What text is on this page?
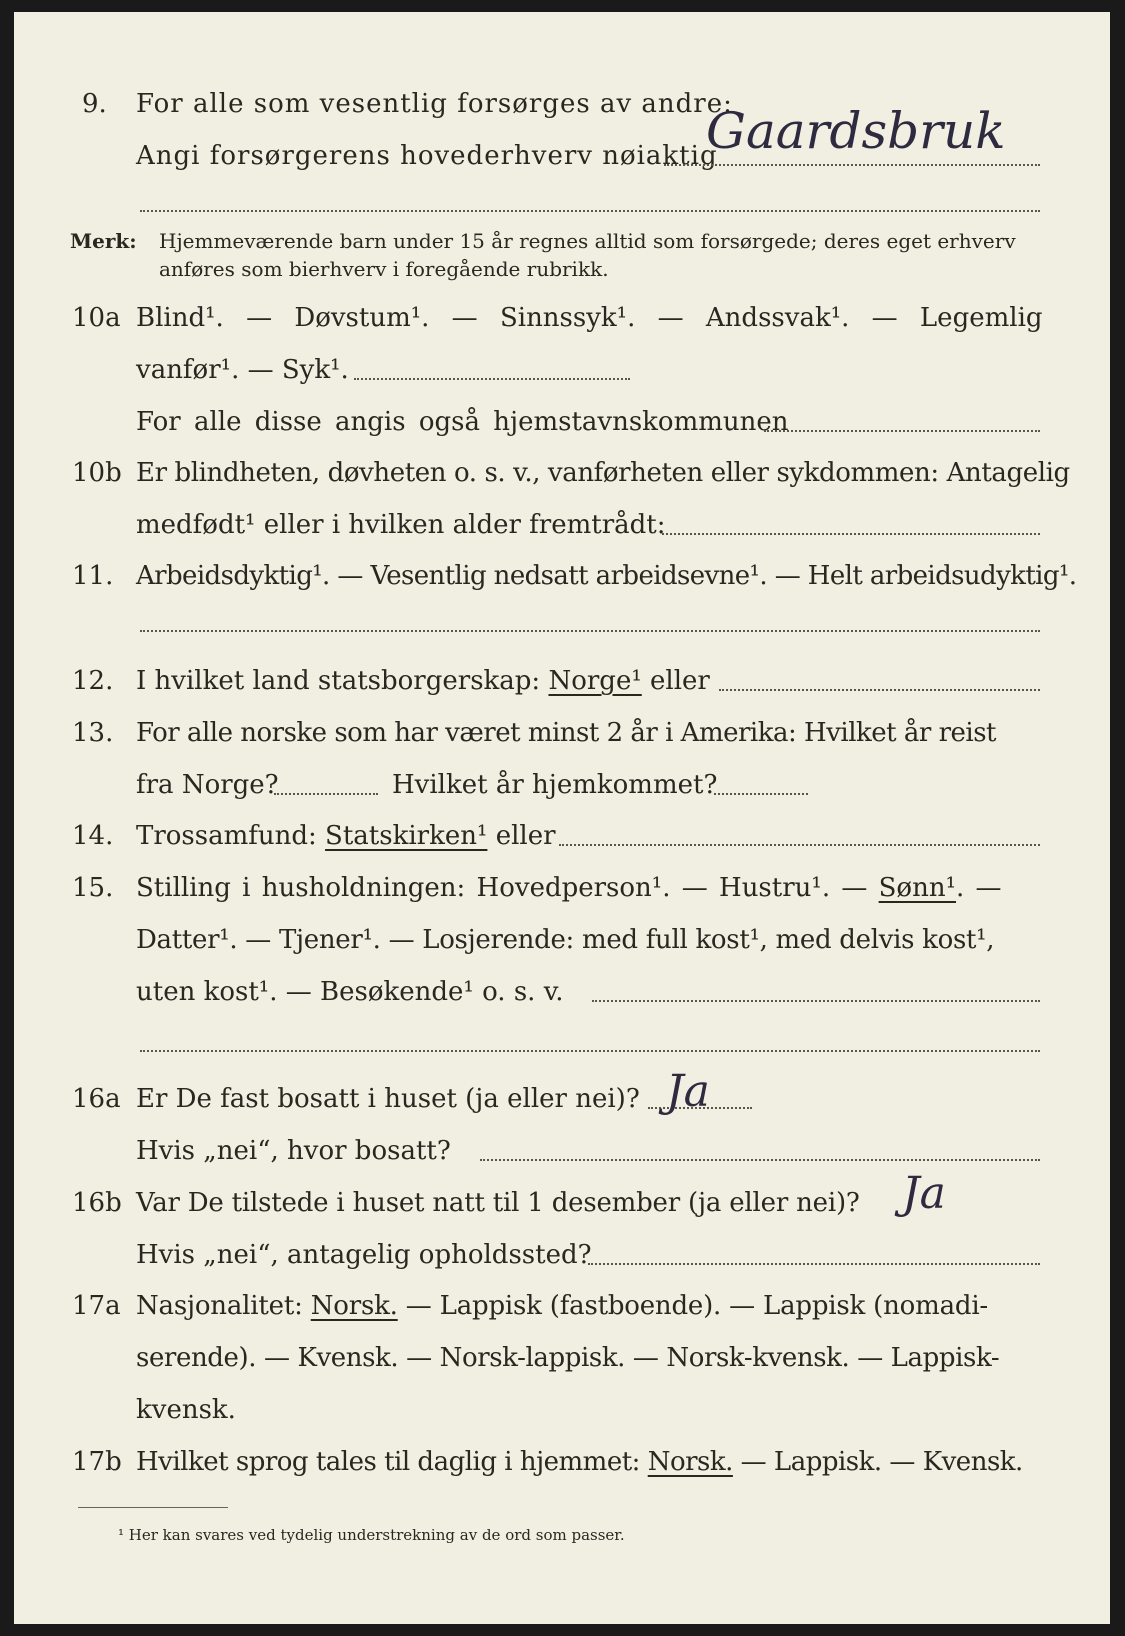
9. For alle som vesentlig forsørges av andre:
Angi forsørgerens hovederhverv nøiaktig
Gaardsbruk
Merk: Hjemmeværende barn under 15 år regnes alltid som forsørgede; deres eget erhverv
anføres som bierhverv i foregående rubrikk.
10a Blind¹. — Døvstum¹. — Sinnssyk¹. — Andssvak¹. — Legemlig
vanfør¹. — Syk¹.
For alle disse angis også hjemstavnskommunen
10b Er blindheten, døvheten o. s. v., vanførheten eller sykdommen: Antagelig
medfødt¹ eller i hvilken alder fremtrådt:
11. Arbeidsdyktig¹. — Vesentlig nedsatt arbeidsevne¹. — Helt arbeidsudyktig¹.
12. I hvilket land statsborgerskap: Norge¹ eller
13. For alle norske som har været minst 2 år i Amerika: Hvilket år reist
fra Norge?	Hvilket år hjemkommet?
14. Trossamfund: Statskirken¹ eller
15. Stilling i husholdningen: Hovedperson¹. — Hustru¹. — Sønn¹. —
Datter¹. — Tjener¹. — Losjerende: med full kost¹, med delvis kost¹,
uten kost¹. — Besøkende¹ o. s. v.
16a Er De fast bosatt i huset (ja eller nei)? Ja
Hvis „nei“, hvor bosatt?
16b Var De tilstede i huset natt til 1 desember (ja eller nei)? Ja
Hvis „nei“, antagelig opholdssted?
17a Nasjonalitet: Norsk. — Lappisk (fastboende). — Lappisk (nomadi-
serende). — Kvensk. — Norsk-lappisk. — Norsk-kvensk. — Lappisk-
kvensk.
17b Hvilket sprog tales til daglig i hjemmet: Norsk. — Lappisk. — Kvensk.
¹ Her kan svares ved tydelig understrekning av de ord som passer.
